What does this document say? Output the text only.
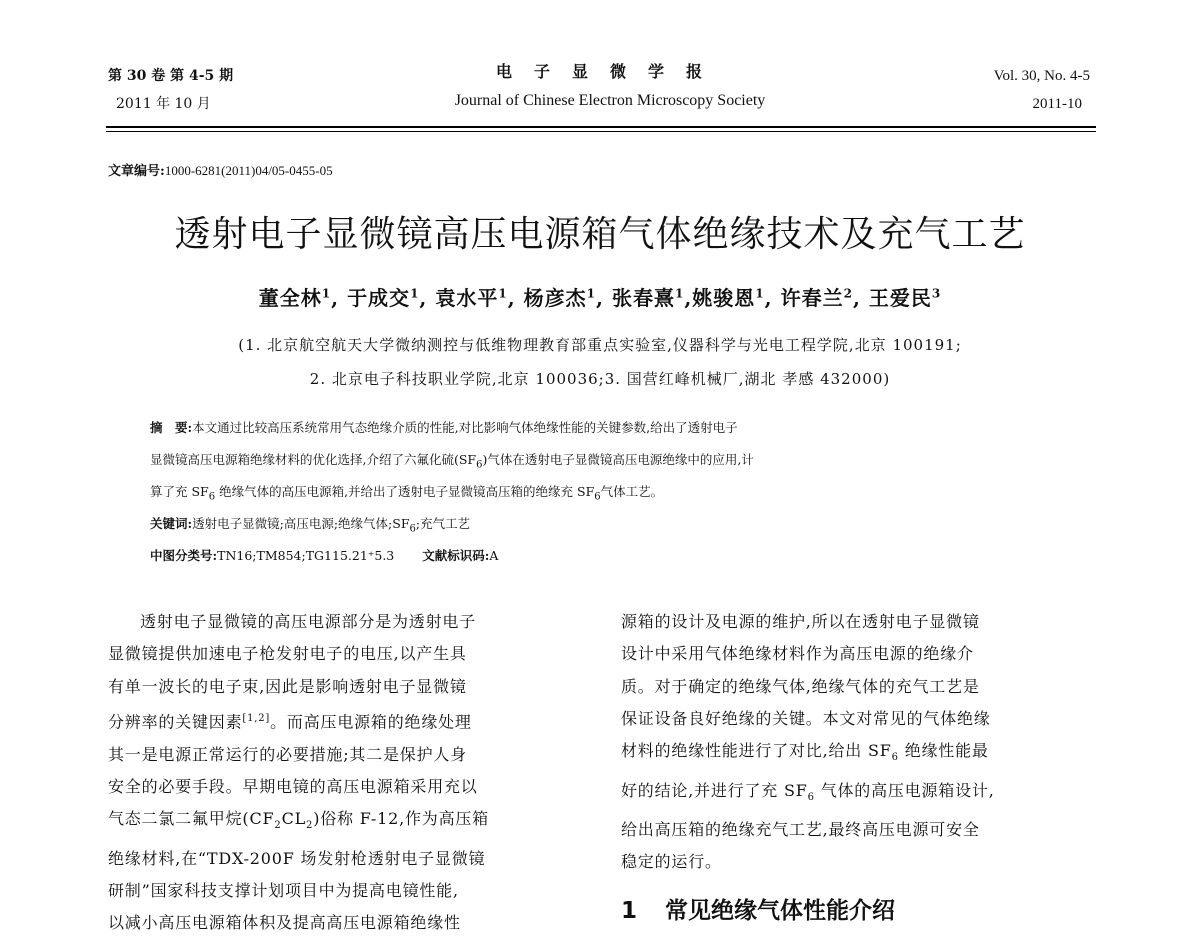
第 30 卷 第 4-5 期
2011 年 10 月
电子显微学报
Journal of Chinese Electron Microscopy Society
Vol. 30, No. 4-5
2011-10
文章编号:1000-6281(2011)04/05-0455-05
透射电子显微镜高压电源箱气体绝缘技术及充气工艺
董全林$^1$, 于成交$^1$, 袁水平$^1$, 杨彦杰$^1$, 张春熹$^1$,姚骏恩$^1$, 许春兰$^2$, 王爱民$^3$
(1. 北京航空航天大学微纳测控与低维物理教育部重点实验室,仪器科学与光电工程学院,北京 100191;
2. 北京电子科技职业学院,北京 100036;3. 国营红峰机械厂,湖北 孝感 432000)
摘　要:本文通过比较高压系统常用气态绝缘介质的性能,对比影响气体绝缘性能的关键参数,给出了透射电子
显微镜高压电源箱绝缘材料的优化选择,介绍了六氟化硫$(SF_6)$气体在透射电子显微镜高压电源绝缘中的应用,计
算了充 $SF_6$ 绝缘气体的高压电源箱,并给出了透射电子显微镜高压箱的绝缘充 $SF_6$气体工艺。
关键词:透射电子显微镜;高压电源;绝缘气体$;SF_6$;充气工艺
中图分类号:TN16;TM854;TG115.21⁺5.3 文献标识码:A

透射电子显微镜的高压电源部分是为透射电子

显微镜提供加速电子枪发射电子的电压,以产生具

有单一波长的电子束,因此是影响透射电子显微镜

分辨率的关键因素[1,2]。而高压电源箱的绝缘处理

其一是电源正常运行的必要措施;其二是保护人身

安全的必要手段。早期电镜的高压电源箱采用充以

气态二氯二氟甲烷$(CF_2CL_2)$俗称 F-12,作为高压箱

绝缘材料,在“TDX-200F 场发射枪透射电子显微镜

研制”国家科技支撑计划项目中为提高电镜性能,

以减小高压电源箱体积及提高高压电源箱绝缘性

源箱的设计及电源的维护,所以在透射电子显微镜

设计中采用气体绝缘材料作为高压电源的绝缘介

质。对于确定的绝缘气体,绝缘气体的充气工艺是

保证设备良好绝缘的关键。本文对常见的气体绝缘

材料的绝缘性能进行了对比,给出 $SF_6$ 绝缘性能最

好的结论,并进行了充 $SF_6$ 气体的高压电源箱设计,

给出高压箱的绝缘充气工艺,最终高压电源可安全

稳定的运行。

1 常见绝缘气体性能介绍
